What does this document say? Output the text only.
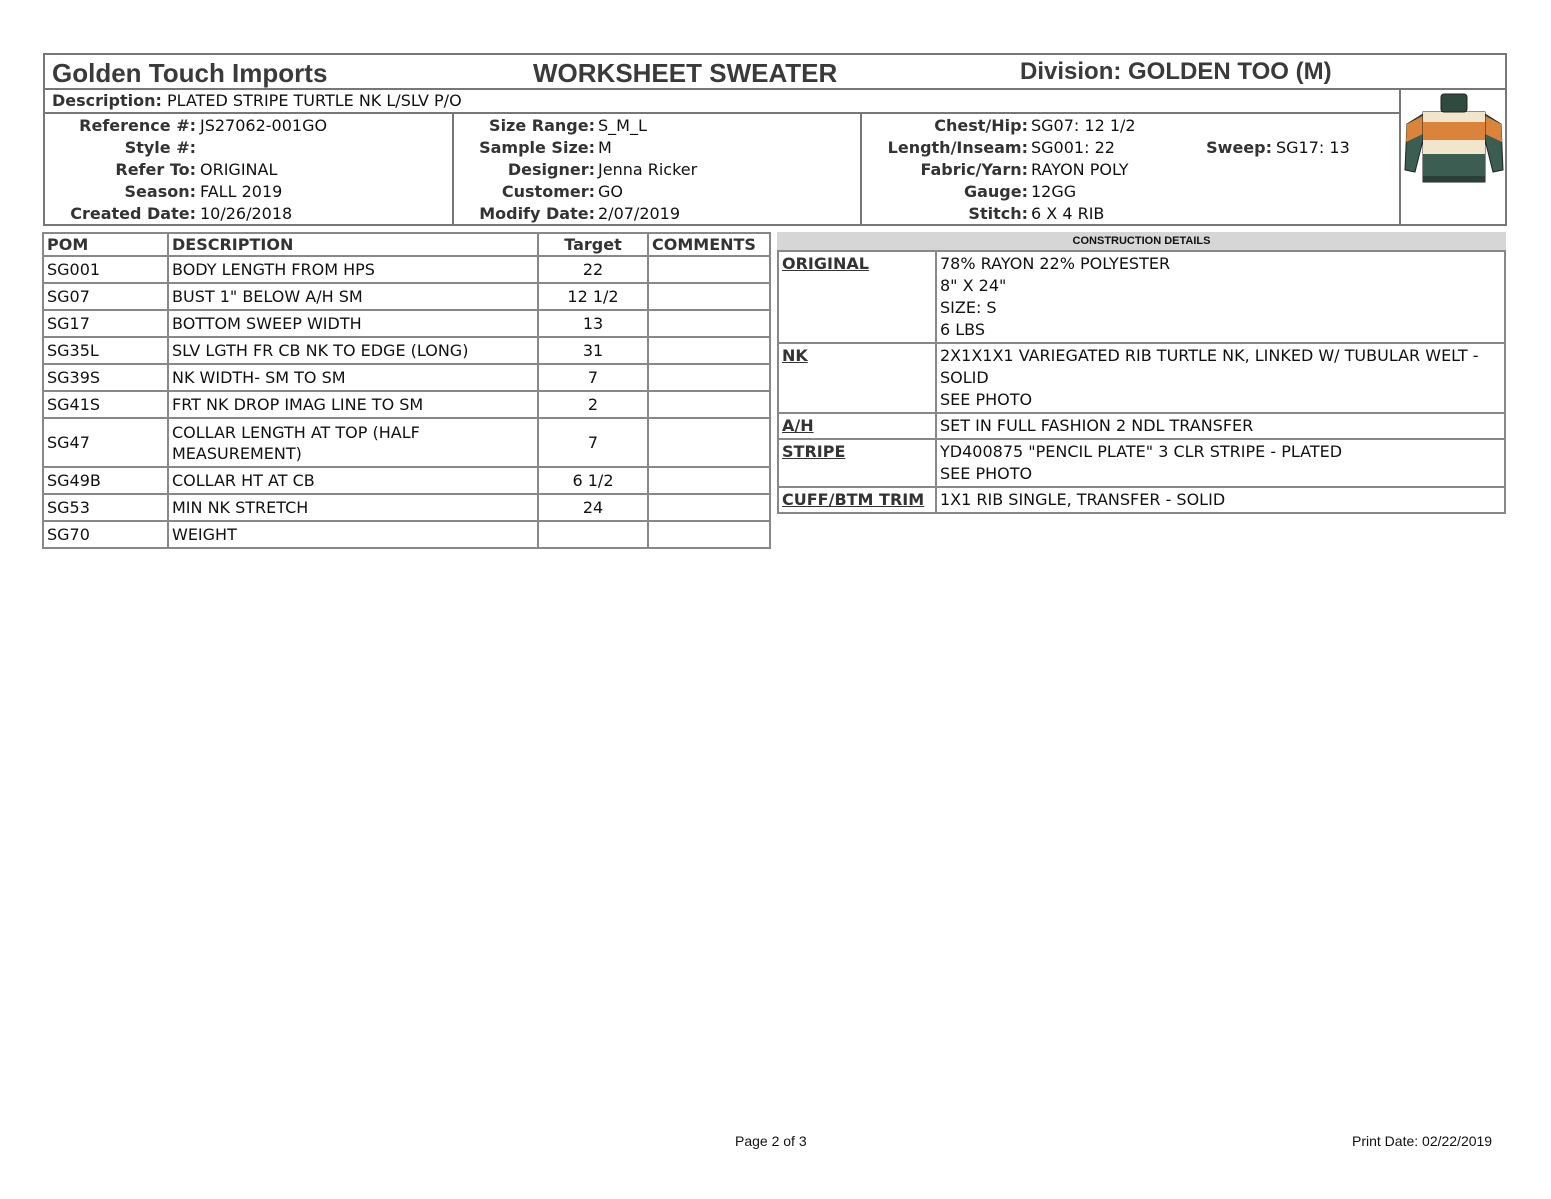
Golden Touch Imports	WORKSHEET SWEATER	Division: GOLDEN TOO (M)
Description: PLATED STRIPE TURTLE NK L/SLV P/O
Reference #: JS27062-001GO
Style #:
Refer To: ORIGINAL
Season: FALL 2019
Created Date: 10/26/2018
Size Range: S_M_L
Sample Size: M
Designer: Jenna Ricker
Customer: GO
Modify Date: 2/07/2019
Chest/Hip: SG07: 12 1/2
Length/Inseam: SG001: 22	Sweep: SG17: 13
Fabric/Yarn: RAYON POLY
Gauge: 12GG
Stitch: 6 X 4 RIB
POM	DESCRIPTION	Target	COMMENTS
SG001	BODY LENGTH FROM HPS	22	
SG07	BUST 1" BELOW A/H SM	12 1/2	
SG17	BOTTOM SWEEP WIDTH	13	
SG35L	SLV LGTH FR CB NK TO EDGE (LONG)	31	
SG39S	NK WIDTH- SM TO SM	7	
SG41S	FRT NK DROP IMAG LINE TO SM	2	
SG47	COLLAR LENGTH AT TOP (HALF MEASUREMENT)	7	
SG49B	COLLAR HT AT CB	6 1/2	
SG53	MIN NK STRETCH	24	
SG70	WEIGHT		
CONSTRUCTION DETAILS
ORIGINAL	78% RAYON 22% POLYESTER
8" X 24"
SIZE: S
6 LBS

NK	2X1X1X1 VARIEGATED RIB TURTLE NK, LINKED W/ TUBULAR WELT - SOLID
SEE PHOTO

A/H	SET IN FULL FASHION 2 NDL TRANSFER

STRIPE	YD400875 "PENCIL PLATE" 3 CLR STRIPE - PLATED
SEE PHOTO

CUFF/BTM TRIM	1X1 RIB SINGLE, TRANSFER - SOLID
Page 2 of 3	Print Date: 02/22/2019
